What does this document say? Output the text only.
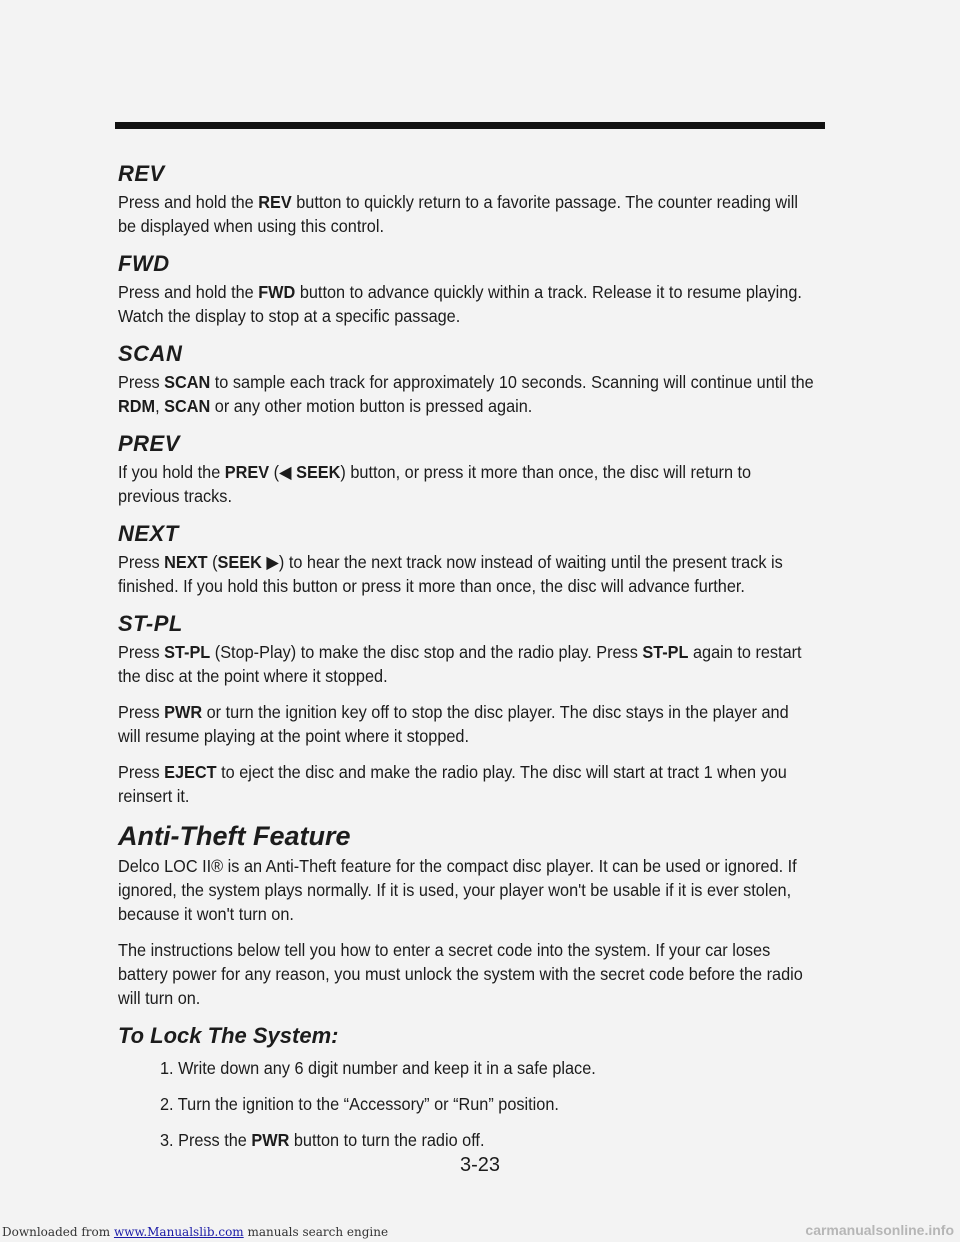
REV

Press and hold the REV button to quickly return to a favorite passage. The counter reading will be displayed when using this control.

FWD

Press and hold the FWD button to advance quickly within a track. Release it to resume playing. Watch the display to stop at a specific passage.

SCAN

Press SCAN to sample each track for approximately 10 seconds. Scanning will continue until the RDM, SCAN or any other motion button is pressed again.

PREV

If you hold the PREV (◀ SEEK) button, or press it more than once, the disc will return to previous tracks.

NEXT

Press NEXT (SEEK ▶) to hear the next track now instead of waiting until the present track is finished. If you hold this button or press it more than once, the disc will advance further.

ST-PL

Press ST-PL (Stop-Play) to make the disc stop and the radio play. Press ST-PL again to restart the disc at the point where it stopped.

Press PWR or turn the ignition key off to stop the disc player. The disc stays in the player and will resume playing at the point where it stopped.

Press EJECT to eject the disc and make the radio play. The disc will start at tract 1 when you reinsert it.

Anti-Theft Feature

Delco LOC II® is an Anti-Theft feature for the compact disc player. It can be used or ignored. If ignored, the system plays normally. If it is used, your player won't be usable if it is ever stolen, because it won't turn on.

The instructions below tell you how to enter a secret code into the system. If your car loses battery power for any reason, you must unlock the system with the secret code before the radio will turn on.

To Lock The System:
1. Write down any 6 digit number and keep it in a safe place.
2. Turn the ignition to the “Accessory” or “Run” position.
3. Press the PWR button to turn the radio off.
3-23
Downloaded from www.Manualslib.com manuals search engine	carmanualsonline.info
